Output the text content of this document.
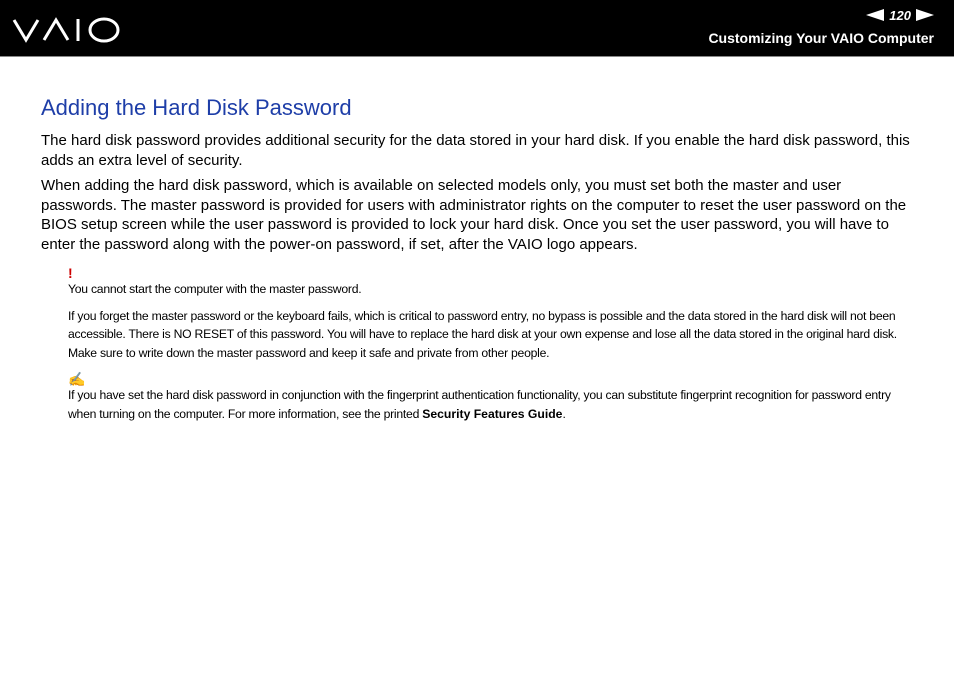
120
Customizing Your VAIO Computer
Adding the Hard Disk Password

The hard disk password provides additional security for the data stored in your hard disk. If you enable the hard disk password, this adds an extra level of security.

When adding the hard disk password, which is available on selected models only, you must set both the master and user passwords. The master password is provided for users with administrator rights on the computer to reset the user password on the BIOS setup screen while the user password is provided to lock your hard disk. Once you set the user password, you will have to enter the password along with the power-on password, if set, after the VAIO logo appears.

!

You cannot start the computer with the master password.

If you forget the master password or the keyboard fails, which is critical to password entry, no bypass is possible and the data stored in the hard disk will not been accessible. There is NO RESET of this password. You will have to replace the hard disk at your own expense and lose all the data stored in the original hard disk. Make sure to write down the master password and keep it safe and private from other people.

✍

If you have set the hard disk password in conjunction with the fingerprint authentication functionality, you can substitute fingerprint recognition for password entry when turning on the computer. For more information, see the printed Security Features Guide.
